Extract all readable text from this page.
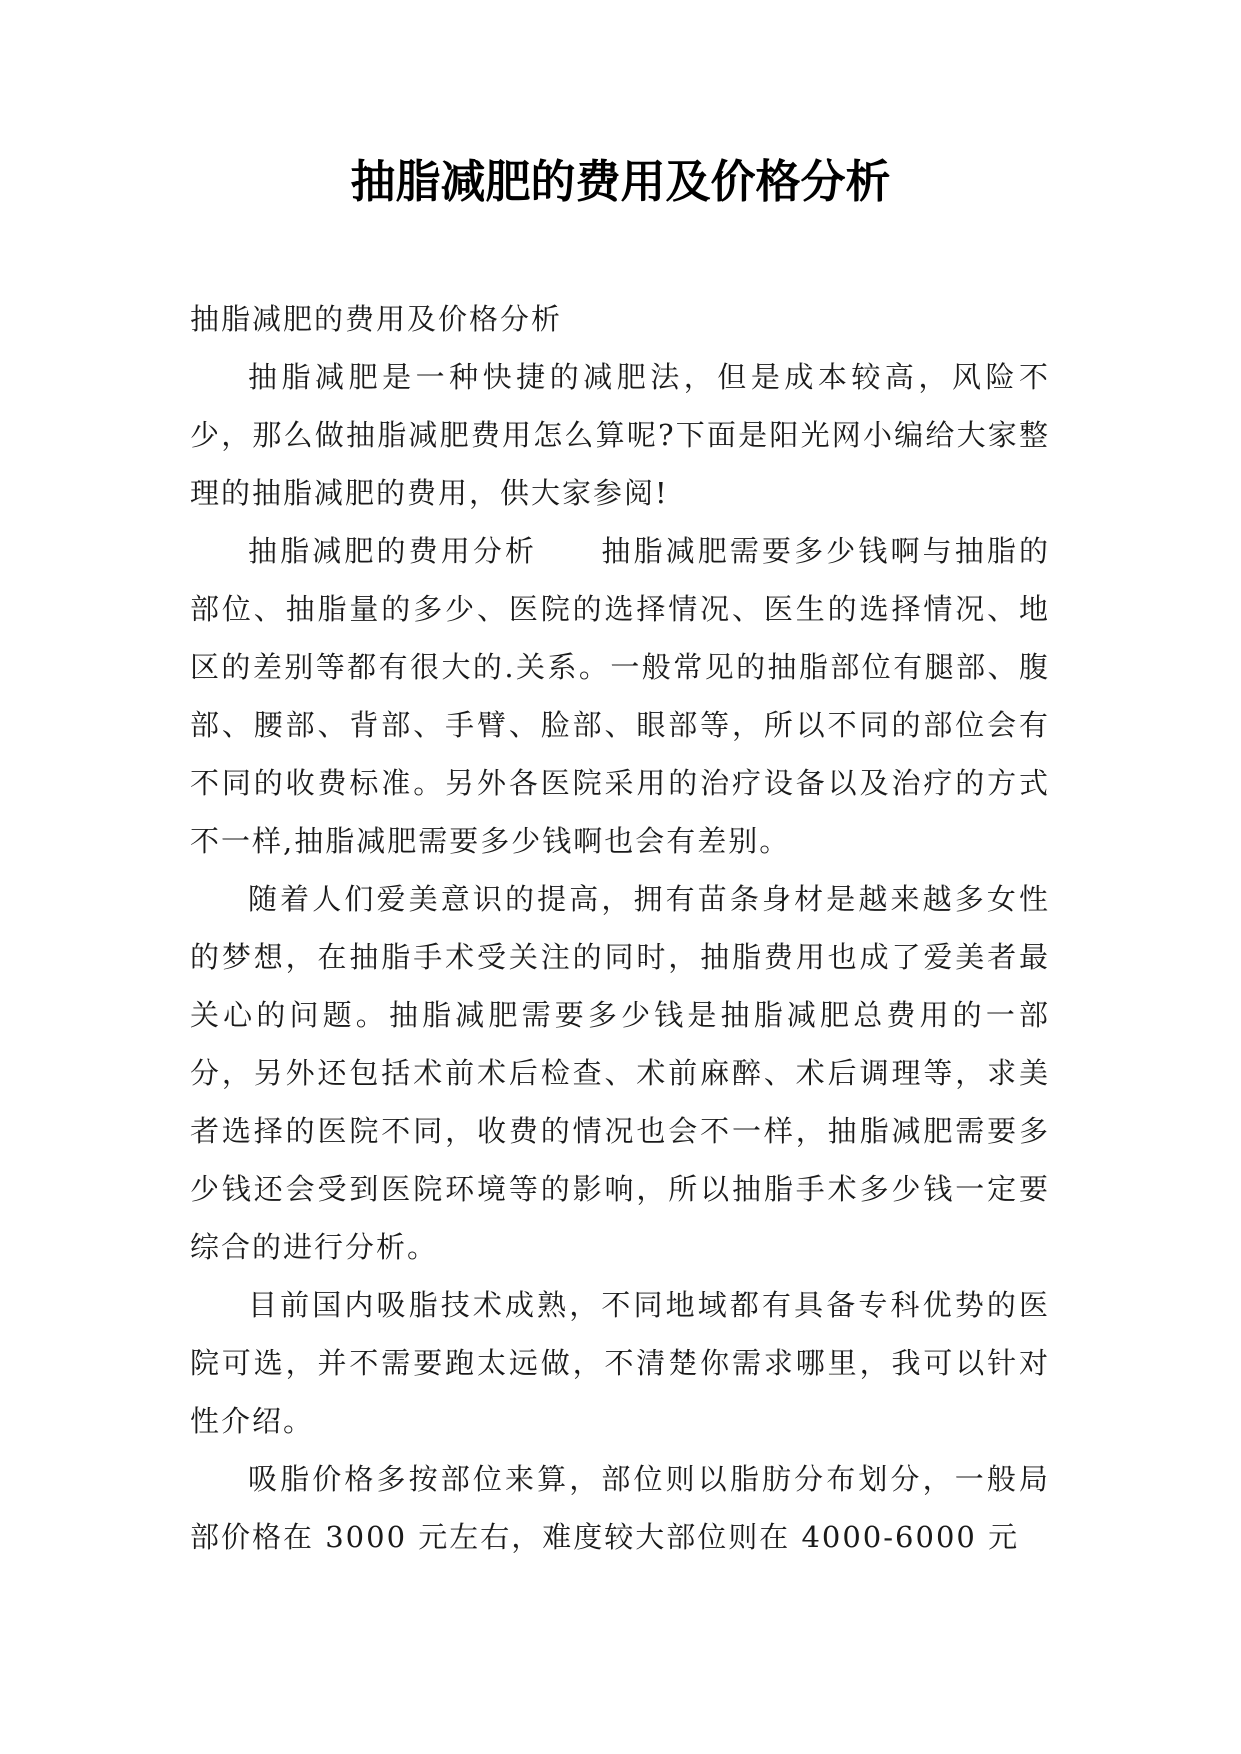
抽脂减肥的费用及价格分析

抽脂减肥的费用及价格分析

抽脂减肥是一种快捷的减肥法，但是成本较高，风险不少，那么做抽脂减肥费用怎么算呢?下面是阳光网小编给大家整理的抽脂减肥的费用，供大家参阅!

抽脂减肥的费用分析　　抽脂减肥需要多少钱啊与抽脂的部位、抽脂量的多少、医院的选择情况、医生的选择情况、地区的差别等都有很大的.关系。一般常见的抽脂部位有腿部、腹部、腰部、背部、手臂、脸部、眼部等，所以不同的部位会有不同的收费标准。另外各医院采用的治疗设备以及治疗的方式不一样,抽脂减肥需要多少钱啊也会有差别。

随着人们爱美意识的提高，拥有苗条身材是越来越多女性的梦想，在抽脂手术受关注的同时，抽脂费用也成了爱美者最关心的问题。抽脂减肥需要多少钱是抽脂减肥总费用的一部分，另外还包括术前术后检查、术前麻醉、术后调理等，求美者选择的医院不同，收费的情况也会不一样，抽脂减肥需要多少钱还会受到医院环境等的影响，所以抽脂手术多少钱一定要综合的进行分析。

目前国内吸脂技术成熟，不同地域都有具备专科优势的医院可选，并不需要跑太远做，不清楚你需求哪里，我可以针对性介绍。

吸脂价格多按部位来算，部位则以脂肪分布划分，一般局部价格在 3000 元左右，难度较大部位则在 4000-6000 元
